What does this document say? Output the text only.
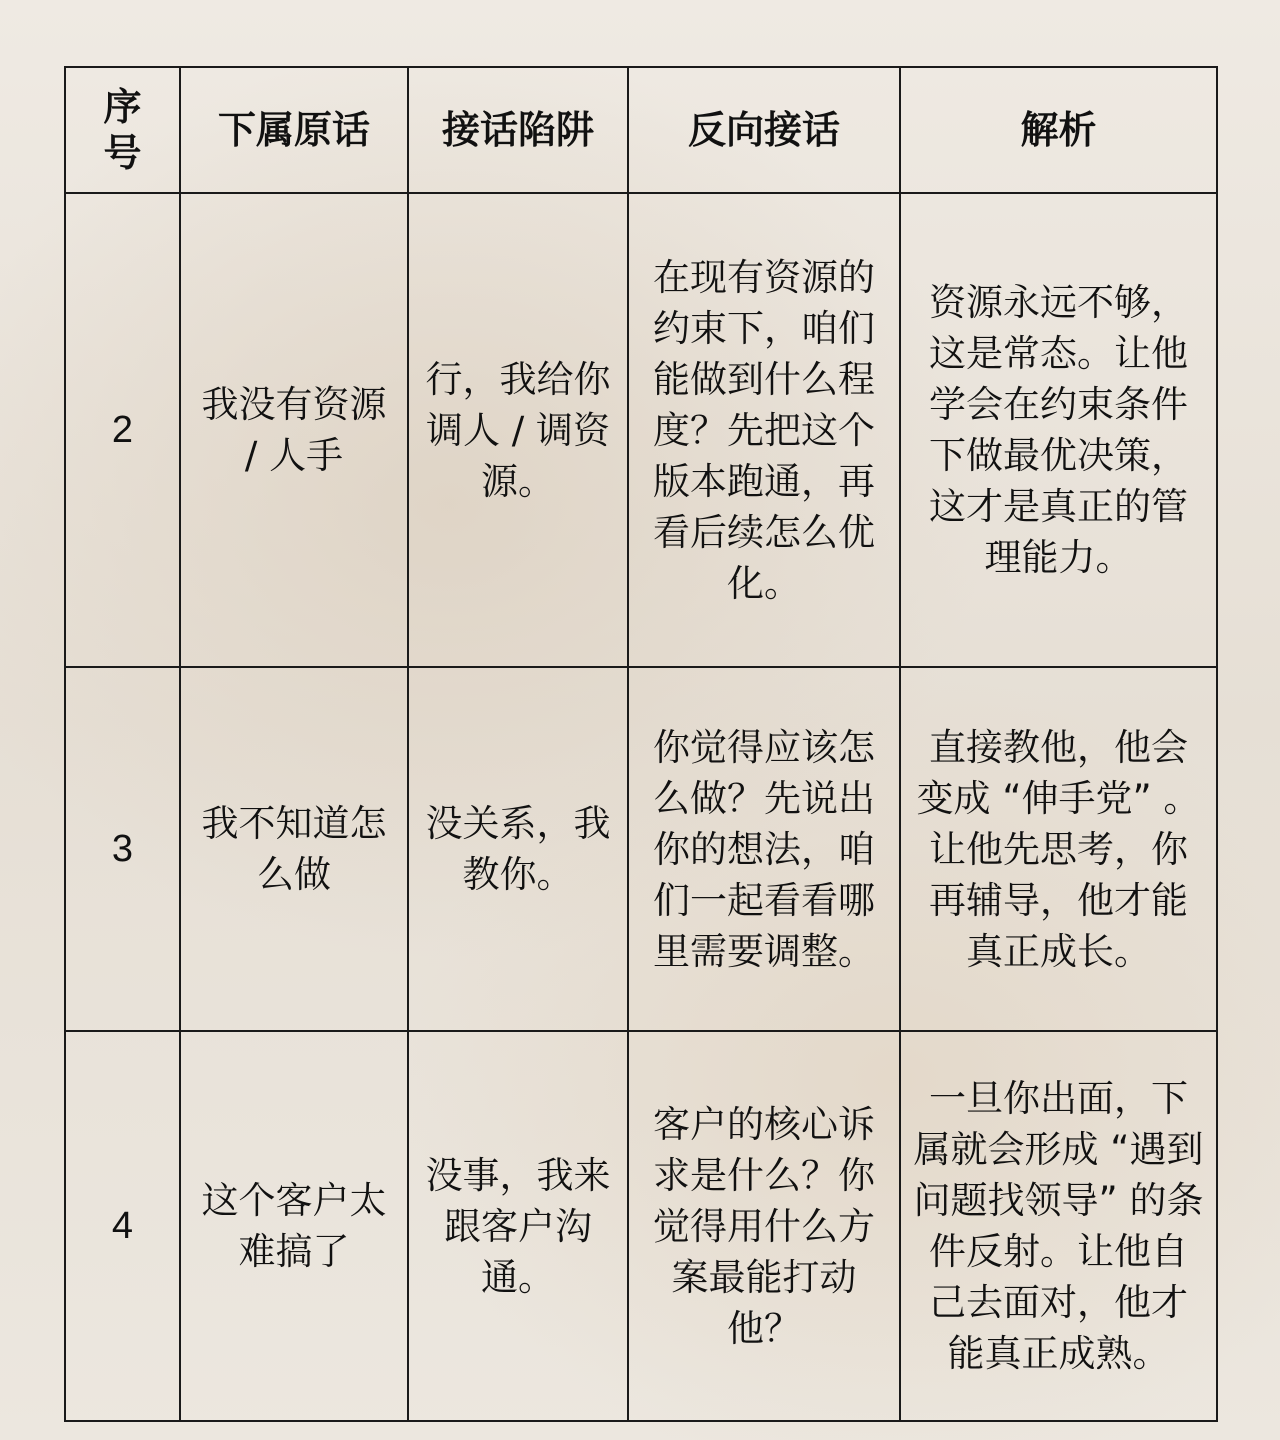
序号	下属原话	接话陷阱	反向接话	解析
2	我没有资源 / 人手	行，我给你调人 / 调资源。	在现有资源的约束下，咱们能做到什么程度？先把这个版本跑通，再看后续怎么优化。	资源永远不够，这是常态。让他学会在约束条件下做最优决策，这才是真正的管理能力。
3	我不知道怎么做	没关系，我教你。	你觉得应该怎么做？先说出你的想法，咱们一起看看哪里需要调整。	直接教他，他会变成 “伸手党” 。让他先思考，你再辅导，他才能真正成长。
4	这个客户太难搞了	没事，我来跟客户沟通。	客户的核心诉求是什么？你觉得用什么方案最能打动他？	一旦你出面，下属就会形成 “遇到问题找领导” 的条件反射。让他自己去面对，他才能真正成熟。
